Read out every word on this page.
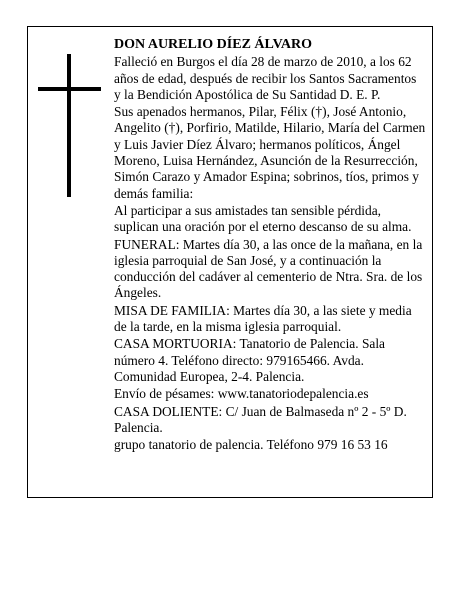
DON AURELIO DÍEZ ÁLVARO

Falleció en Burgos el día 28 de marzo de 2010, a los 62 años de edad, después de recibir los Santos Sacramentos y la Bendición Apostólica de Su Santidad D. E. P.

Sus apenados hermanos, Pilar, Félix (†), José Antonio, Angelito (†), Porfirio, Matilde, Hilario, María del Carmen y Luis Javier Díez Álvaro; hermanos políticos, Ángel Moreno, Luisa Hernández, Asunción de la Resurrección, Simón Carazo y Amador Espina; sobrinos, tíos, primos y demás familia:

Al participar a sus amistades tan sensible pérdida, suplican una oración por el eterno descanso de su alma.

FUNERAL: Martes día 30, a las once de la mañana, en la iglesia parroquial de San José, y a continuación la conducción del cadáver al cementerio de Ntra. Sra. de los Ángeles.

MISA DE FAMILIA: Martes día 30, a las siete y media de la tarde, en la misma iglesia parroquial.

CASA MORTUORIA: Tanatorio de Palencia. Sala número 4. Teléfono directo: 979165466. Avda. Comunidad Europea, 2-4. Palencia.

Envío de pésames: www.tanatoriodepalencia.es

CASA DOLIENTE: C/ Juan de Balmaseda nº 2 - 5º D. Palencia.

grupo tanatorio de palencia. Teléfono 979 16 53 16
